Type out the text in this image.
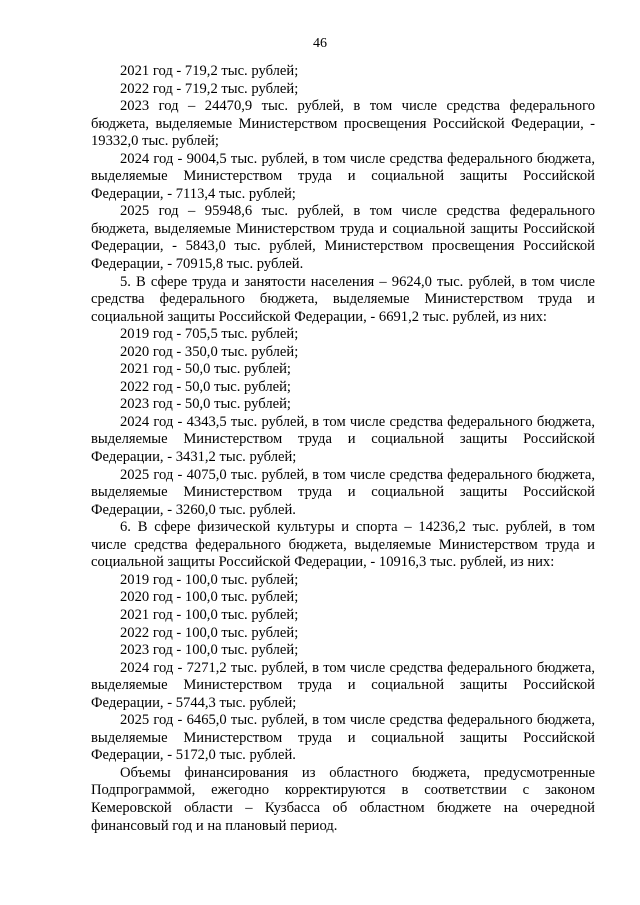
46

2021 год - 719,2 тыс. рублей;

2022 год - 719,2 тыс. рублей;

2023 год – 24470,9 тыс. рублей, в том числе средства федерального бюджета, выделяемые Министерством просвещения Российской Федерации, - 19332,0 тыс. рублей;

2024 год - 9004,5 тыс. рублей, в том числе средства федерального бюджета, выделяемые Министерством труда и социальной защиты Российской Федерации, - 7113,4 тыс. рублей;

2025 год – 95948,6 тыс. рублей, в том числе средства федерального бюджета, выделяемые Министерством труда и социальной защиты Российской Федерации, - 5843,0 тыс. рублей, Министерством просвещения Российской Федерации, - 70915,8 тыс. рублей.

5. В сфере труда и занятости населения – 9624,0 тыс. рублей, в том числе средства федерального бюджета, выделяемые Министерством труда и социальной защиты Российской Федерации, - 6691,2 тыс. рублей, из них:

2019 год - 705,5 тыс. рублей;

2020 год - 350,0 тыс. рублей;

2021 год - 50,0 тыс. рублей;

2022 год - 50,0 тыс. рублей;

2023 год - 50,0 тыс. рублей;

2024 год - 4343,5 тыс. рублей, в том числе средства федерального бюджета, выделяемые Министерством труда и социальной защиты Российской Федерации, - 3431,2 тыс. рублей;

2025 год - 4075,0 тыс. рублей, в том числе средства федерального бюджета, выделяемые Министерством труда и социальной защиты Российской Федерации, - 3260,0 тыс. рублей.

6. В сфере физической культуры и спорта – 14236,2 тыс. рублей, в том числе средства федерального бюджета, выделяемые Министерством труда и социальной защиты Российской Федерации, - 10916,3 тыс. рублей, из них:

2019 год - 100,0 тыс. рублей;

2020 год - 100,0 тыс. рублей;

2021 год - 100,0 тыс. рублей;

2022 год - 100,0 тыс. рублей;

2023 год - 100,0 тыс. рублей;

2024 год - 7271,2 тыс. рублей, в том числе средства федерального бюджета, выделяемые Министерством труда и социальной защиты Российской Федерации, - 5744,3 тыс. рублей;

2025 год - 6465,0 тыс. рублей, в том числе средства федерального бюджета, выделяемые Министерством труда и социальной защиты Российской Федерации, - 5172,0 тыс. рублей.

Объемы финансирования из областного бюджета, предусмотренные Подпрограммой, ежегодно корректируются в соответствии с законом Кемеровской области – Кузбасса об областном бюджете на очередной финансовый год и на плановый период.
